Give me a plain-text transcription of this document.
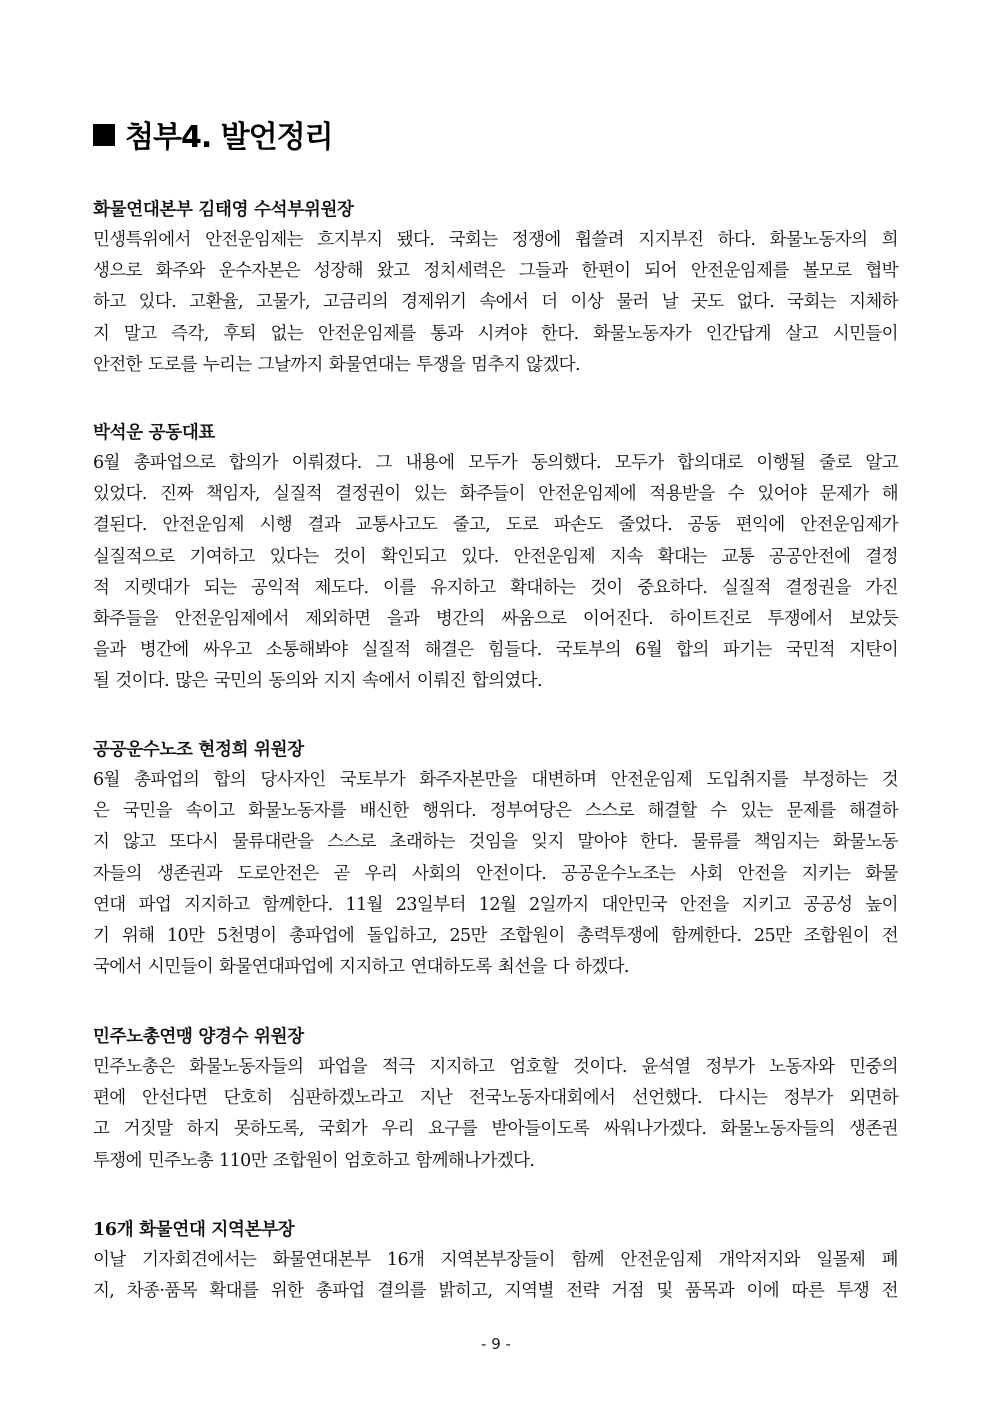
첨부4. 발언정리
화물연대본부 김태영 수석부위원장
민생특위에서 안전운임제는 흐지부지 됐다. 국회는 정쟁에 휩쓸려 지지부진 하다. 화물노동자의 희
생으로 화주와 운수자본은 성장해 왔고 정치세력은 그들과 한편이 되어 안전운임제를 볼모로 협박
하고 있다. 고환율, 고물가, 고금리의 경제위기 속에서 더 이상 물러 날 곳도 없다. 국회는 지체하
지 말고 즉각, 후퇴 없는 안전운임제를 통과 시켜야 한다. 화물노동자가 인간답게 살고 시민들이
안전한 도로를 누리는 그날까지 화물연대는 투쟁을 멈추지 않겠다.
박석운 공동대표
6월 총파업으로 합의가 이뤄졌다. 그 내용에 모두가 동의했다. 모두가 합의대로 이행될 줄로 알고
있었다. 진짜 책임자, 실질적 결정권이 있는 화주들이 안전운임제에 적용받을 수 있어야 문제가 해
결된다. 안전운임제 시행 결과 교통사고도 줄고, 도로 파손도 줄었다. 공동 편익에 안전운임제가
실질적으로 기여하고 있다는 것이 확인되고 있다. 안전운임제 지속 확대는 교통 공공안전에 결정
적 지렛대가 되는 공익적 제도다. 이를 유지하고 확대하는 것이 중요하다. 실질적 결정권을 가진
화주들을 안전운임제에서 제외하면 을과 병간의 싸움으로 이어진다. 하이트진로 투쟁에서 보았듯
을과 병간에 싸우고 소통해봐야 실질적 해결은 힘들다. 국토부의 6월 합의 파기는 국민적 지탄이
될 것이다. 많은 국민의 동의와 지지 속에서 이뤄진 합의였다.
공공운수노조 현정희 위원장
6월 총파업의 합의 당사자인 국토부가 화주자본만을 대변하며 안전운임제 도입취지를 부정하는 것
은 국민을 속이고 화물노동자를 배신한 행위다. 정부여당은 스스로 해결할 수 있는 문제를 해결하
지 않고 또다시 물류대란을 스스로 초래하는 것임을 잊지 말아야 한다. 물류를 책임지는 화물노동
자들의 생존권과 도로안전은 곧 우리 사회의 안전이다. 공공운수노조는 사회 안전을 지키는 화물
연대 파업 지지하고 함께한다. 11월 23일부터 12월 2일까지 대안민국 안전을 지키고 공공성 높이
기 위해 10만 5천명이 총파업에 돌입하고, 25만 조합원이 총력투쟁에 함께한다. 25만 조합원이 전
국에서 시민들이 화물연대파업에 지지하고 연대하도록 최선을 다 하겠다.
민주노총연맹 양경수 위원장
민주노총은 화물노동자들의 파업을 적극 지지하고 엄호할 것이다. 윤석열 정부가 노동자와 민중의
편에 안선다면 단호히 심판하겠노라고 지난 전국노동자대회에서 선언했다. 다시는 정부가 외면하
고 거짓말 하지 못하도록, 국회가 우리 요구를 받아들이도록 싸워나가겠다. 화물노동자들의 생존권
투쟁에 민주노총 110만 조합원이 엄호하고 함께해나가겠다.
16개 화물연대 지역본부장
이날 기자회견에서는 화물연대본부 16개 지역본부장들이 함께 안전운임제 개악저지와 일몰제 폐
지, 차종·품목 확대를 위한 총파업 결의를 밝히고, 지역별 전략 거점 및 품목과 이에 따른 투쟁 전
- 9 -
